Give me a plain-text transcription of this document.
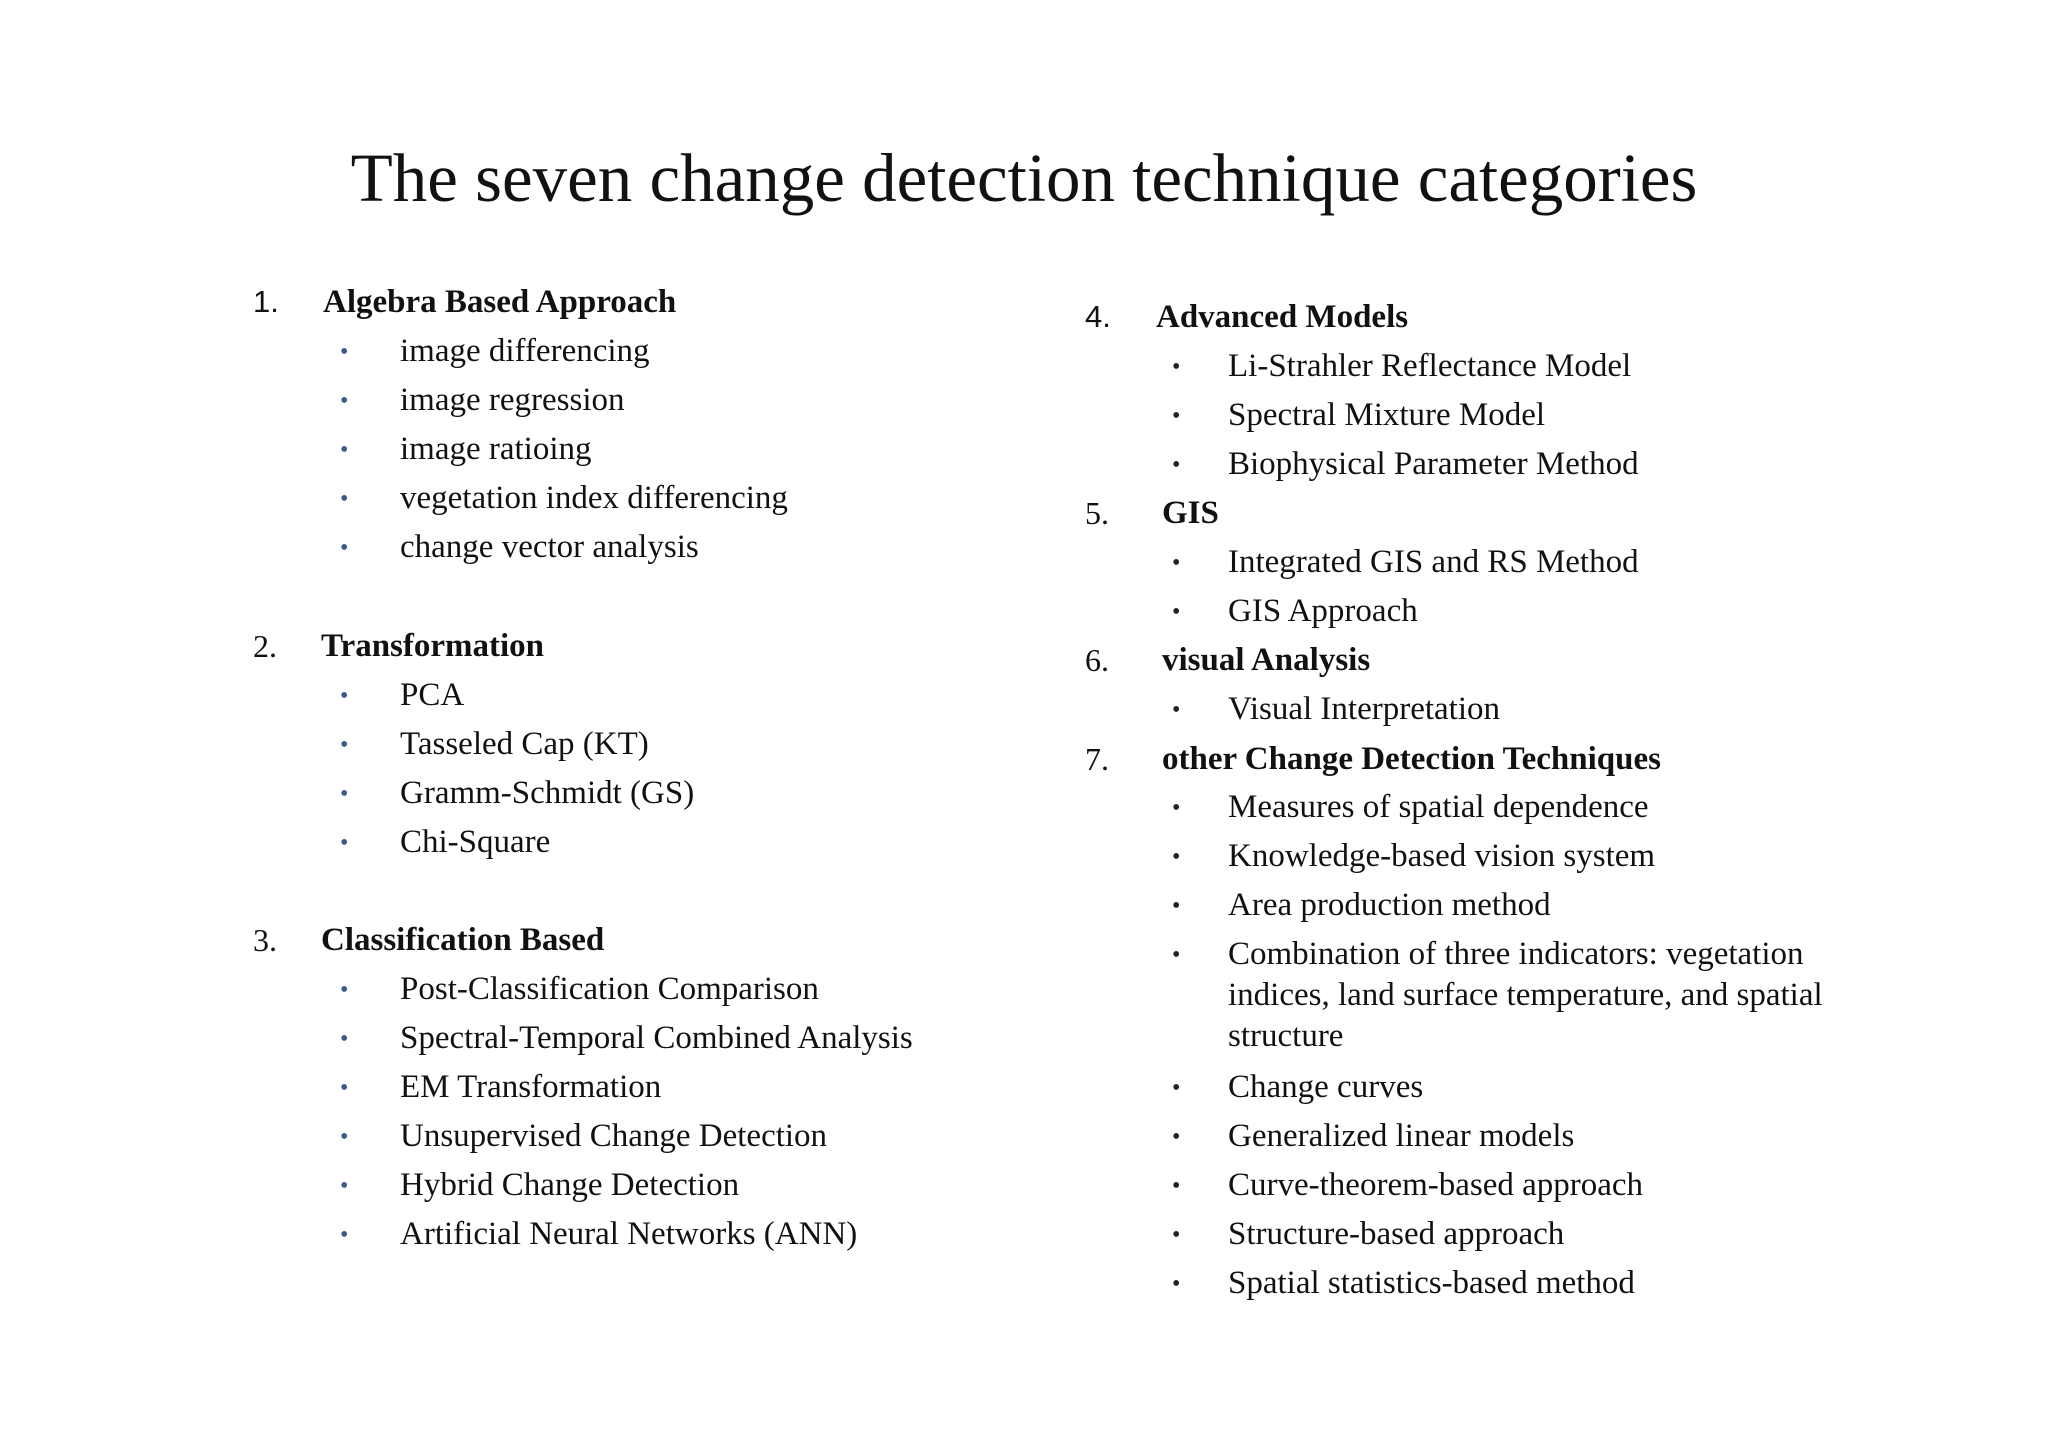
The seven change detection technique categories
1. Algebra Based Approach
• image differencing
• image regression
• image ratioing
• vegetation index differencing
• change vector analysis
2. Transformation
• PCA
• Tasseled Cap (KT)
• Gramm-Schmidt (GS)
• Chi-Square
3. Classification Based
• Post-Classification Comparison
• Spectral-Temporal Combined Analysis
• EM Transformation
• Unsupervised Change Detection
• Hybrid Change Detection
• Artificial Neural Networks (ANN)
4. Advanced Models
• Li-Strahler Reflectance Model
• Spectral Mixture Model
• Biophysical Parameter Method
5. GIS
• Integrated GIS and RS Method
• GIS Approach
6. visual Analysis
• Visual Interpretation
7. other Change Detection Techniques
• Measures of spatial dependence
• Knowledge-based vision system
• Area production method
• Combination of three indicators: vegetation indices, land surface temperature, and spatial structure
• Change curves
• Generalized linear models
• Curve-theorem-based approach
• Structure-based approach
• Spatial statistics-based method
